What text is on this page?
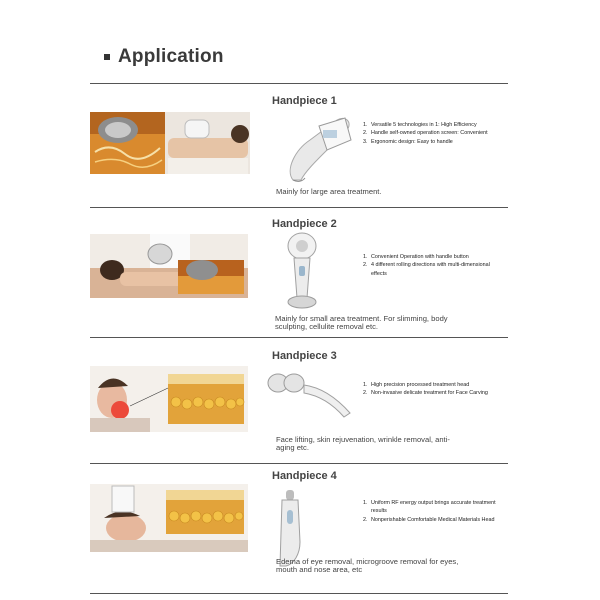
Application
Handpiece 1
1. Versatile 5 technologies in 1: High Efficiency
2. Handle self-owned operation screen: Convenient
3. Ergonomic design: Easy to handle
Mainly for large area treatment.
Handpiece 2
1. Convenient Operation with handle button
2. 4 different rolling directions with multi-dimensional effects
Mainly for small area treatment. For slimming, body sculpting, cellulite removal etc.
Handpiece 3
1. High precision processed treatment head
2. Non-invasive delicate treatment for Face Carving
Face lifting, skin rejuvenation, wrinkle removal, anti-aging etc.
Handpiece 4
1. Uniform RF energy output brings accurate treatment results
2. Nonperishable Comfortable Medical Materials Head
Edema of eye removal, microgroove removal for eyes, mouth and nose area, etc
